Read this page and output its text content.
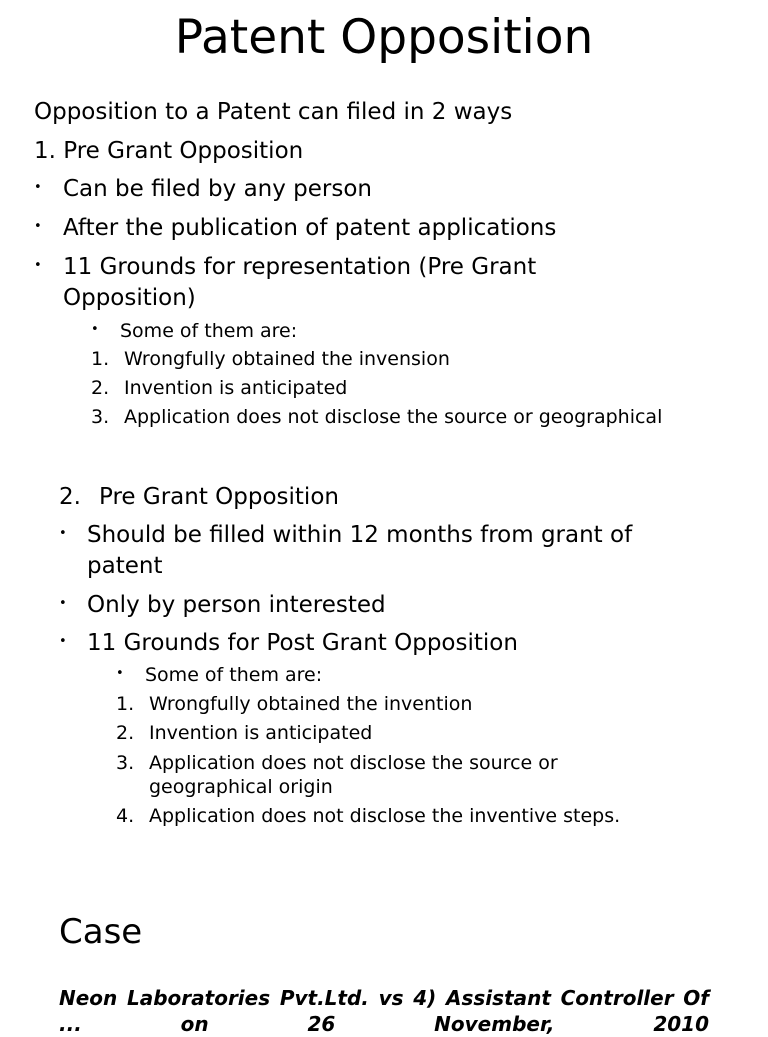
Patent Opposition
Opposition to a Patent can filed in 2 ways
1. Pre Grant Opposition
• Can be filed by any person
• After the publication of patent applications
• 11 Grounds for representation (Pre Grant
Opposition)
• Some of them are:
1. Wrongfully obtained the invension
2. Invention is anticipated
3. Application does not disclose the source or geographical
2. Pre Grant Opposition
• Should be filled within 12 months from grant of
patent
• Only by person interested
• 11 Grounds for Post Grant Opposition
• Some of them are:
1. Wrongfully obtained the invention
2. Invention is anticipated
3. Application does not disclose the source or
geographical origin
4. Application does not disclose the inventive steps.
Case
Neon Laboratories Pvt.Ltd. vs 4) Assistant Controller Of ... on 26 November, 2010
